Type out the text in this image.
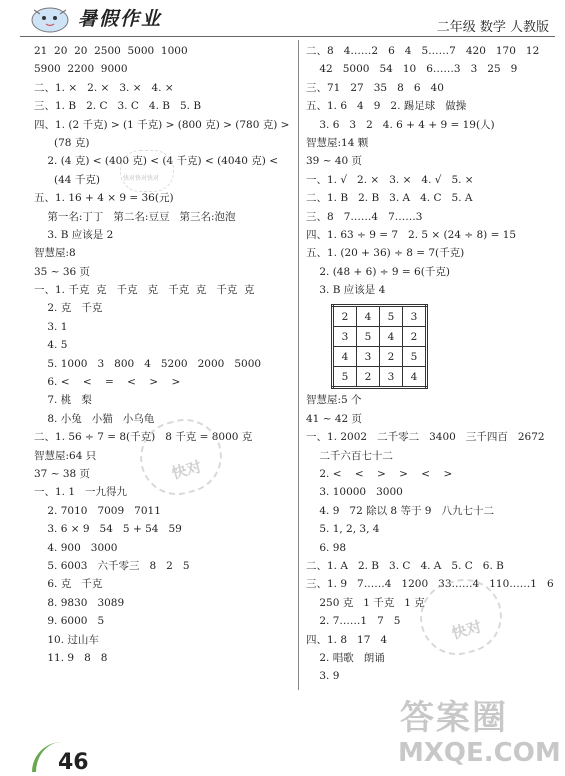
暑假作业	二年级 数学 人教版
21  20  20  2500  5000  1000
5900  2200  9000
二、1. ×   2. ×   3. ×   4. ×
三、1. B   2. C   3. C   4. B   5. B
四、1. (2 千克) > (1 千克) > (800 克) > (780 克) >
(78 克)
2. (4 克) < (400 克) < (4 千克) < (4040 克) <
(44 千克)
五、1. 16 + 4 × 9 = 36(元)
第一名:丁丁   第二名:豆豆   第三名:泡泡
3. B 应该是 2
智慧屋:8
35 ~ 36 页
一、1. 千克  克   千克   克   千克  克   千克  克
2. 克   千克
3. 1
4. 5
5. 1000   3   800   4   5200   2000   5000
6. <    <    =    <    >    >
7. 桃   梨
8. 小兔   小猫   小乌龟
二、1. 56 ÷ 7 = 8(千克)   8 千克 = 8000 克
智慧屋:64 只
37 ~ 38 页
一、1. 1   一九得九
2. 7010   7009   7011
3. 6 × 9   54   5 + 54   59
4. 900   3000
5. 6003   六千零三   8   2   5
6. 克   千克
8. 9830   3089
9. 6000   5
10. 过山车
11. 9   8   8
二、8   4……2   6   4   5……7   420   170   12
42   5000   54   10   6……3   3   25   9
三、71   27   35   8   6   40
五、1. 6   4   9   2. 踢足球   做操
3. 6   3   2   4. 6 + 4 + 9 = 19(人)
智慧屋:14 颗
39 ~ 40 页
一、1. √   2. ×   3. ×   4. √   5. ×
二、1. B   2. B   3. A   4. C   5. A
三、8   7……4   7……3
四、1. 63 ÷ 9 = 7   2. 5 × (24 ÷ 8) = 15
五、1. (20 + 36) ÷ 8 = 7(千克)
2. (48 + 6) ÷ 9 = 6(千克)
3. B 应该是 4
2	4	5	3
3	5	4	2
4	3	2	5
5	2	3	4
智慧屋:5 个
41 ~ 42 页
一、1. 2002   二千零二   3400   三千四百   2672
二千六百七十二
2. <    <    >    >    <    >
3. 10000   3000
4. 9   72 除以 8 等于 9   八九七十二
5. 1, 2, 3, 4
6. 98
二、1. A   2. B   3. C   4. A   5. C   6. B
三、1. 9   7……4   1200   33……4   110……1   6
250 克   1 千克   1 克
2. 7……1   7   5
四、1. 8   17   4
2. 唱歌   朗诵
3. 9
快对快对快对
快对
快对
答案圈
MXQE.COM
46
